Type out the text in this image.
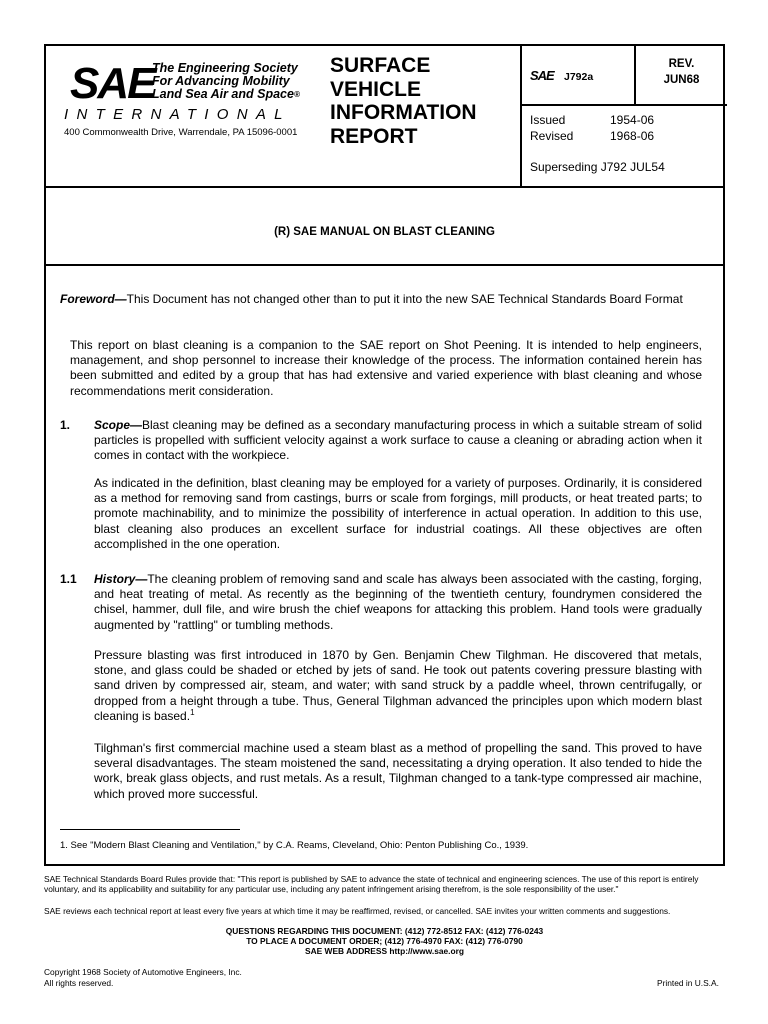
SAE
The Engineering Society
For Advancing Mobility
Land Sea Air and Space®
INTERNATIONAL
400 Commonwealth Drive, Warrendale, PA 15096-0001
SURFACE
VEHICLE
INFORMATION
REPORT
SAE J792a
REV.
JUN68
Issued	1954-06
Revised	1968-06
Superseding J792 JUL54
(R) SAE MANUAL ON BLAST CLEANING
Foreword—This Document has not changed other than to put it into the new SAE Technical Standards Board Format
This report on blast cleaning is a companion to the SAE report on Shot Peening. It is intended to help engineers, management, and shop personnel to increase their knowledge of the process. The information contained herein has been submitted and edited by a group that has had extensive and varied experience with blast cleaning and whose recommendations merit consideration.
1. Scope—Blast cleaning may be defined as a secondary manufacturing process in which a suitable stream of solid particles is propelled with sufficient velocity against a work surface to cause a cleaning or abrading action when it comes in contact with the workpiece.
As indicated in the definition, blast cleaning may be employed for a variety of purposes. Ordinarily, it is considered as a method for removing sand from castings, burrs or scale from forgings, mill products, or heat treated parts; to promote machinability, and to minimize the possibility of interference in actual operation. In addition to this use, blast cleaning also produces an excellent surface for industrial coatings. All these objectives are often accomplished in the one operation.
1.1 History—The cleaning problem of removing sand and scale has always been associated with the casting, forging, and heat treating of metal. As recently as the beginning of the twentieth century, foundrymen considered the chisel, hammer, dull file, and wire brush the chief weapons for attacking this problem. Hand tools were gradually augmented by "rattling" or tumbling methods.
Pressure blasting was first introduced in 1870 by Gen. Benjamin Chew Tilghman. He discovered that metals, stone, and glass could be shaded or etched by jets of sand. He took out patents covering pressure blasting with sand driven by compressed air, steam, and water; with sand struck by a paddle wheel, thrown centrifugally, or dropped from a height through a tube. Thus, General Tilghman advanced the principles upon which modern blast cleaning is based.$^1$
Tilghman's first commercial machine used a steam blast as a method of propelling the sand. This proved to have several disadvantages. The steam moistened the sand, necessitating a drying operation. It also tended to hide the work, break glass objects, and rust metals. As a result, Tilghman changed to a tank-type compressed air machine, which proved more successful.
1. See "Modern Blast Cleaning and Ventilation," by C.A. Reams, Cleveland, Ohio: Penton Publishing Co., 1939.
SAE Technical Standards Board Rules provide that: "This report is published by SAE to advance the state of technical and engineering sciences. The use of this report is entirely
voluntary, and its applicability and suitability for any particular use, including any patent infringement arising therefrom, is the sole responsibility of the user."
SAE reviews each technical report at least every five years at which time it may be reaffirmed, revised, or cancelled. SAE invites your written comments and suggestions.
QUESTIONS REGARDING THIS DOCUMENT: (412) 772-8512 FAX: (412) 776-0243
TO PLACE A DOCUMENT ORDER; (412) 776-4970 FAX: (412) 776-0790
SAE WEB ADDRESS http://www.sae.org
Copyright 1968 Society of Automotive Engineers, Inc.
All rights reserved.	Printed in U.S.A.
